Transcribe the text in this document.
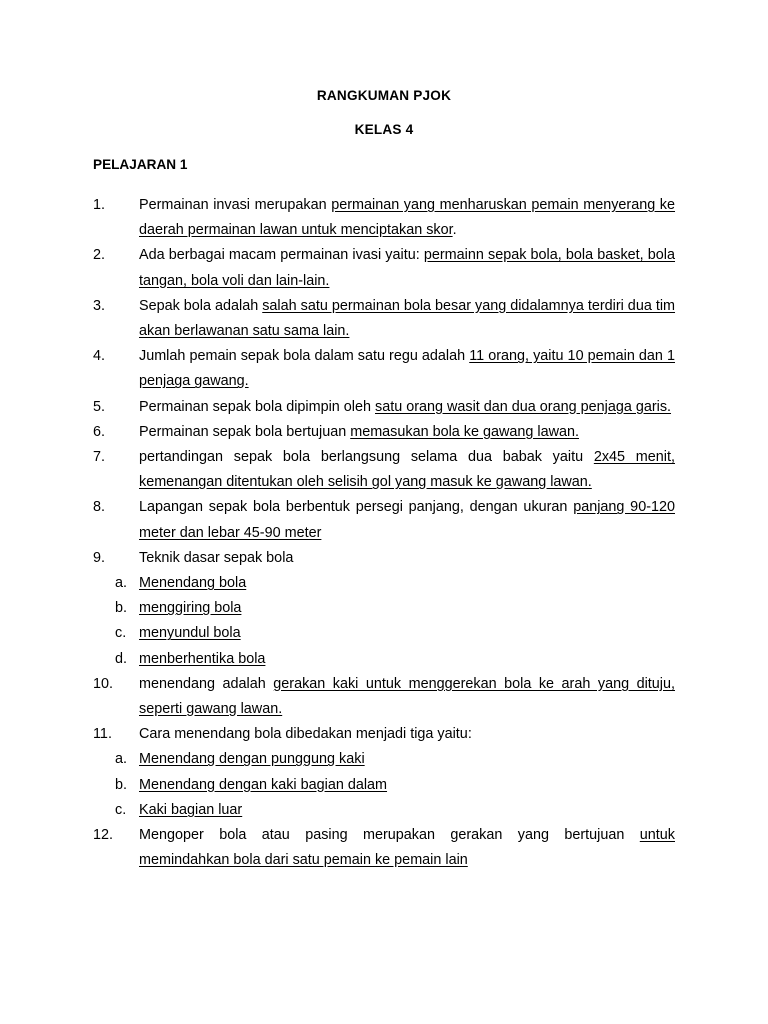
RANGKUMAN PJOK
KELAS 4
PELAJARAN 1
1.	Permainan invasi merupakan permainan yang menharuskan pemain menyerang ke daerah permainan lawan untuk menciptakan skor.
2.	Ada berbagai macam permainan ivasi yaitu: permainn sepak bola, bola basket, bola tangan, bola voli dan lain-lain.
3.	Sepak bola adalah salah satu permainan bola besar yang didalamnya terdiri dua tim akan berlawanan satu sama lain.
4.	Jumlah pemain sepak bola dalam satu regu adalah 11 orang, yaitu 10 pemain dan 1 penjaga gawang.
5.	Permainan sepak bola dipimpin oleh satu orang wasit dan dua orang penjaga garis.
6.	Permainan sepak bola bertujuan memasukan bola ke gawang lawan.
7.	pertandingan sepak bola berlangsung selama dua babak yaitu 2x45 menit, kemenangan ditentukan oleh selisih gol yang masuk ke gawang lawan.
8.	Lapangan sepak bola berbentuk persegi panjang, dengan ukuran panjang 90-120 meter dan lebar 45-90 meter
9.	Teknik dasar sepak bola
a. Menendang bola
b. menggiring bola
c. menyundul bola
d. menberhentika bola
10.	menendang adalah gerakan kaki untuk menggerekan bola ke arah yang dituju, seperti gawang lawan.
11.	Cara menendang bola dibedakan menjadi tiga yaitu:
a. Menendang dengan punggung kaki
b. Menendang dengan kaki bagian dalam
c. Kaki bagian luar
12.	Mengoper bola atau pasing merupakan gerakan yang bertujuan untuk memindahkan bola dari satu pemain ke pemain lain
